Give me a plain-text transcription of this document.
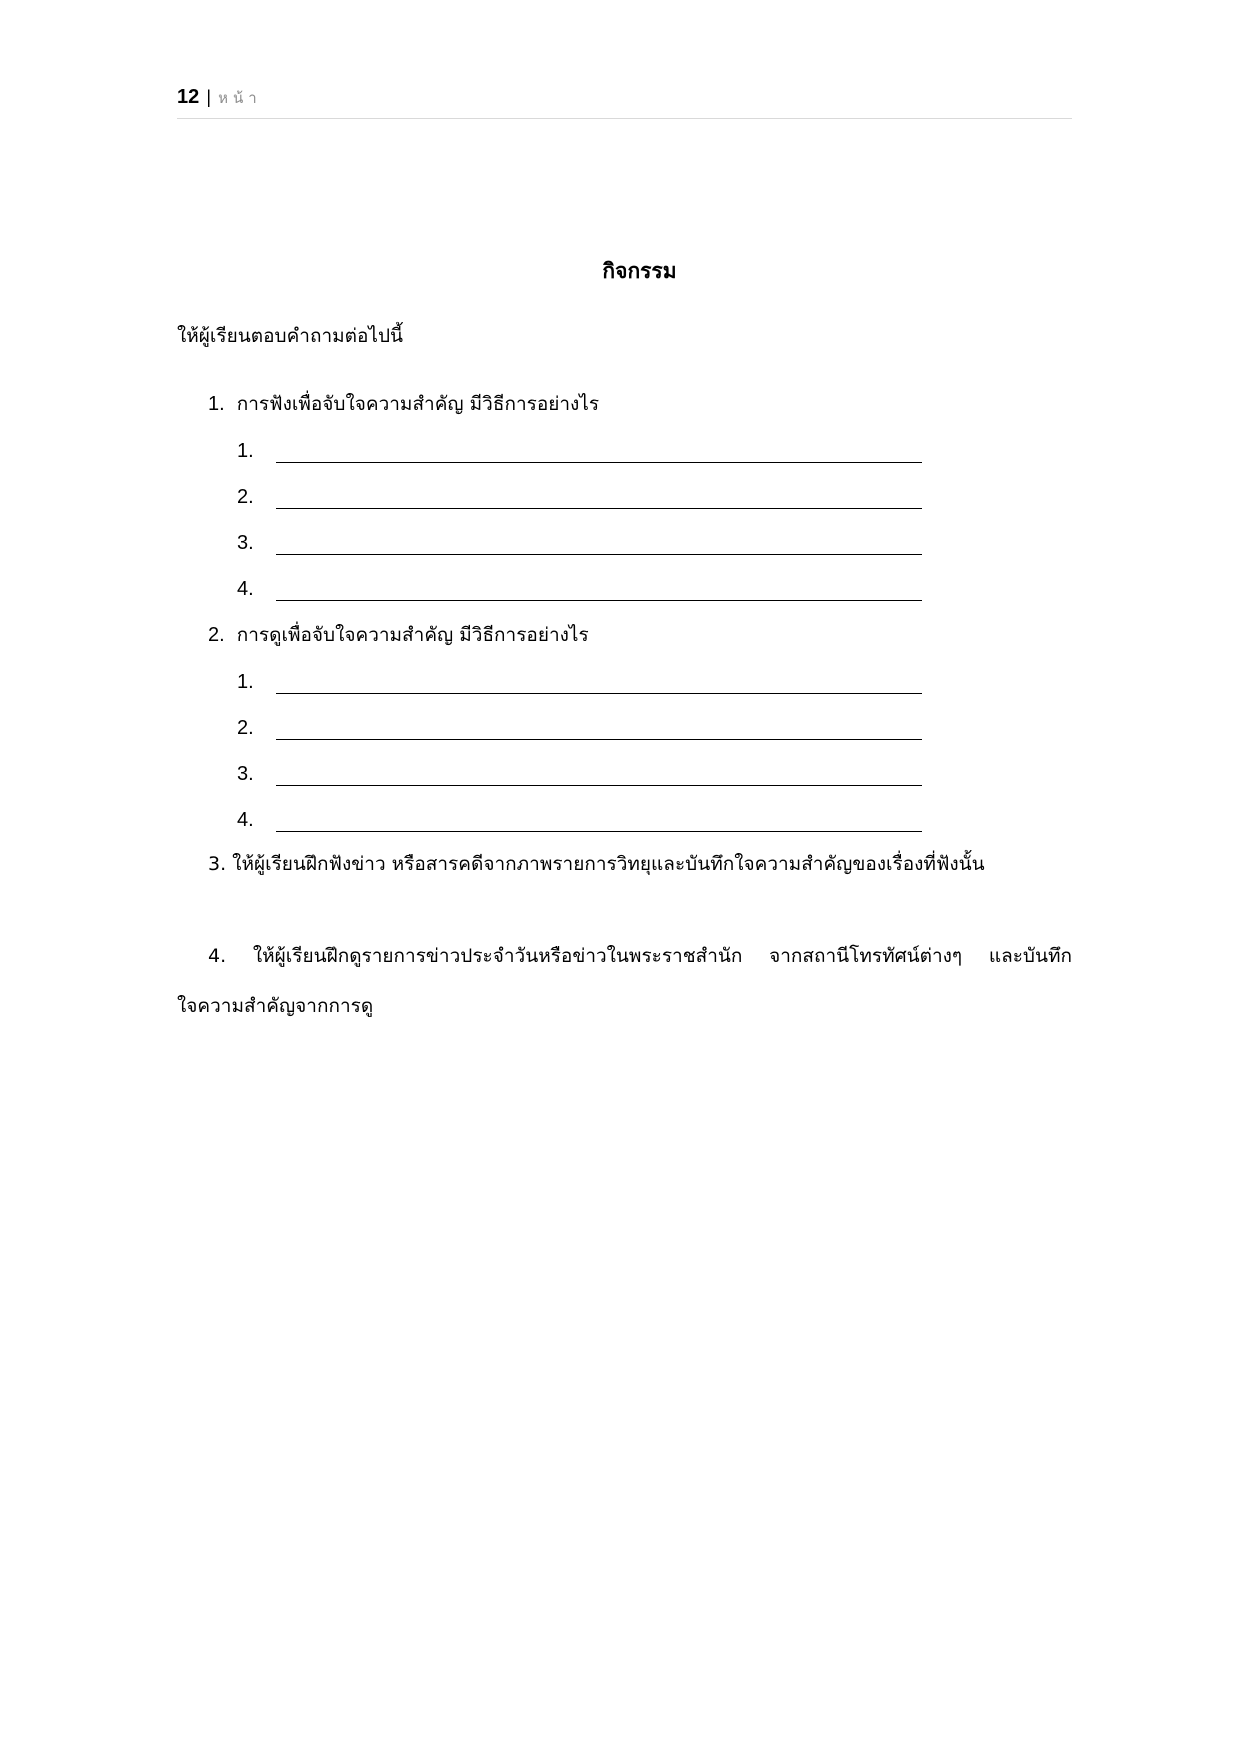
12 | หน้า
กิจกรรม
ให้ผู้เรียนตอบคำถามต่อไปนี้
1. การฟังเพื่อจับใจความสำคัญ มีวิธีการอย่างไร
1.
2.
3.
4.
2. การดูเพื่อจับใจความสำคัญ มีวิธีการอย่างไร
1.
2.
3.
4.
3. ให้ผู้เรียนฝึกฟังข่าว หรือสารคดีจากภาพรายการวิทยุและบันทึกใจความสำคัญของเรื่องที่ฟังนั้น
4. ให้ผู้เรียนฝึกดูรายการข่าวประจำวันหรือข่าวในพระราชสำนัก จากสถานีโทรทัศน์ต่างๆ และบันทึกใจความสำคัญจากการดู
